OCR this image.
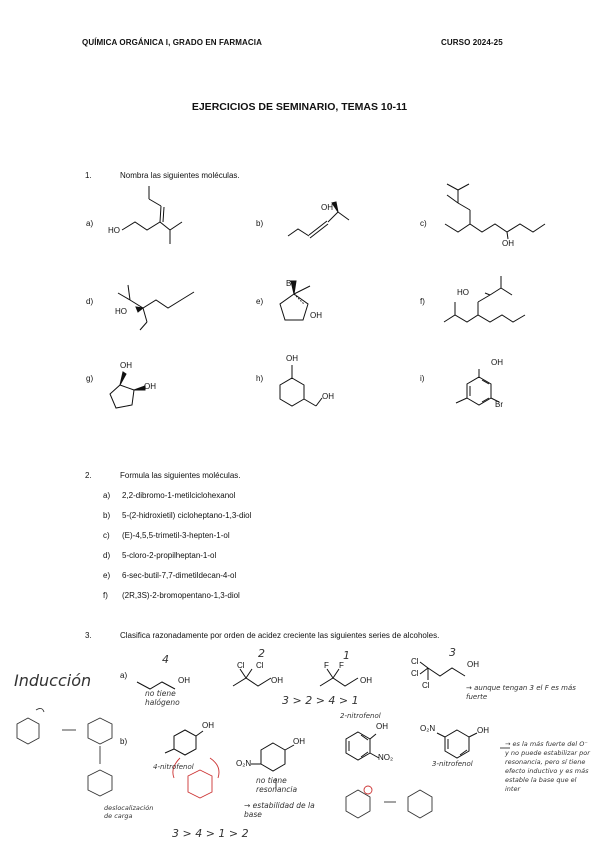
QUÍMICA ORGÁNICA I, GRADO EN FARMACIA	CURSO 2024-25
EJERCICIOS DE SEMINARIO, TEMAS 10-11
1.	Nombra las siguientes moléculas.
a)	b)	c)
d)	e)	f)
g)	h)	i)
HO
OH
OH
HO
Br
OH
HO
OH
OH
OH
OH
OH
Br
2.	Formula las siguientes moléculas.
a) 2,2-dibromo-1-metilciclohexanol
b) 5-(2-hidroxietil) cicloheptano-1,3-diol
c) (E)-4,5,5-trimetil-3-hepten-1-ol
d) 5-cloro-2-propilheptan-1-ol
e) 6-sec-butil-7,7-dimetildecan-4-ol
f) (2R,3S)-2-bromopentano-1,3-diol
3.	Clasifica razonadamente por orden de acidez creciente las siguientes series de alcoholes.
a)
b)
OH
Cl Cl
OH
F F
OH
Cl
Cl
Cl
OH
OH
O₂N
OH
OH
NO₂
O₂N	OH
Inducción
4	2	1	3
no tiene halógeno	3 > 2 > 4 > 1
→ aunque tengan 3 el F es más fuerte
4-nitrofenol
no tiene resonancia
→ estabilidad de la base
2-nitrofenol
3-nitrofenol
deslocalización de carga
3 > 4 > 1 > 2
→ es la más fuerte del O⁻ y no puede estabilizar por resonancia, pero sí tiene efecto inductivo y es más estable la base que el inter
